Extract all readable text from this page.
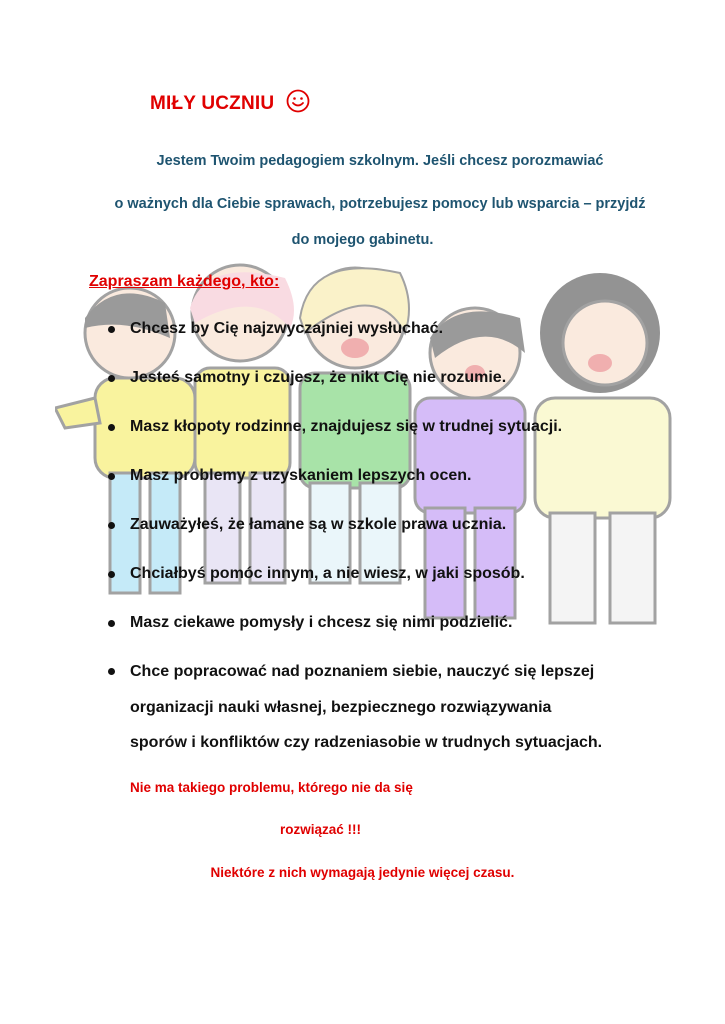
MIŁY UCZNIU
Jestem Twoim pedagogiem szkolnym. Jeśli chcesz porozmawiać
o ważnych dla Ciebie sprawach, potrzebujesz pomocy lub wsparcia – przyjdź
do mojego gabinetu.
Zapraszam każdego, kto:
Chcesz by Cię najzwyczajniej wysłuchać.
Jesteś samotny i czujesz, że nikt Cię nie rozumie.
Masz kłopoty rodzinne, znajdujesz się w trudnej sytuacji.
Masz problemy z uzyskaniem lepszych ocen.
Zauważyłeś, że łamane są w szkole prawa ucznia.
Chciałbyś pomóc innym, a nie wiesz, w jaki sposób.
Masz ciekawe pomysły i chcesz się nimi podzielić.
Chce popracować nad poznaniem siebie, nauczyć się lepszej
organizacji nauki własnej, bezpiecznego rozwiązywania
sporów i konfliktów czy radzeniasobie w trudnych sytuacjach.
Nie ma takiego problemu, którego nie da się
rozwiązać !!!
Niektóre z nich wymagają jedynie więcej czasu.
